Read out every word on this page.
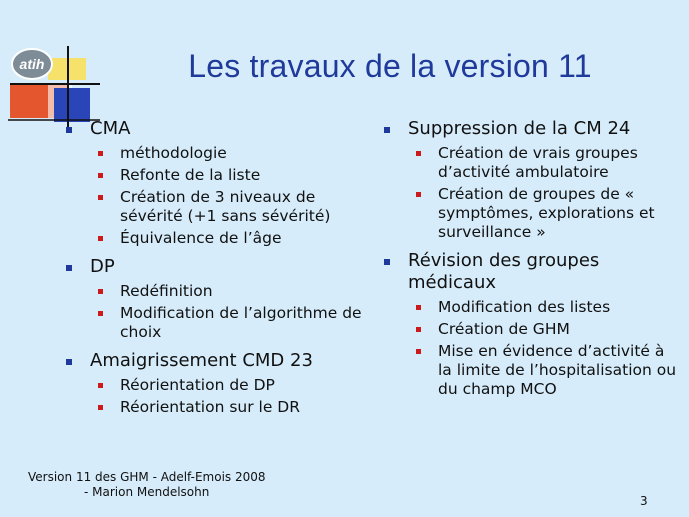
atih	Les travaux de la version 11
CMA
méthodologie
Refonte de la liste
Création de 3 niveaux de sévérité (+1 sans sévérité)
Équivalence de l’âge
DP
Redéfinition
Modification de l’algorithme de choix
Amaigrissement CMD 23
Réorientation de DP
Réorientation sur le DR
Suppression de la CM 24
Création de vrais groupes d’activité ambulatoire
Création de groupes de « symptômes, explorations et surveillance »
Révision des groupes médicaux
Modification des listes
Création de GHM
Mise en évidence d’activité à la limite de l’hospitalisation ou du champ MCO
Version 11 des GHM - Adelf-Emois 2008
- Marion Mendelsohn
3
